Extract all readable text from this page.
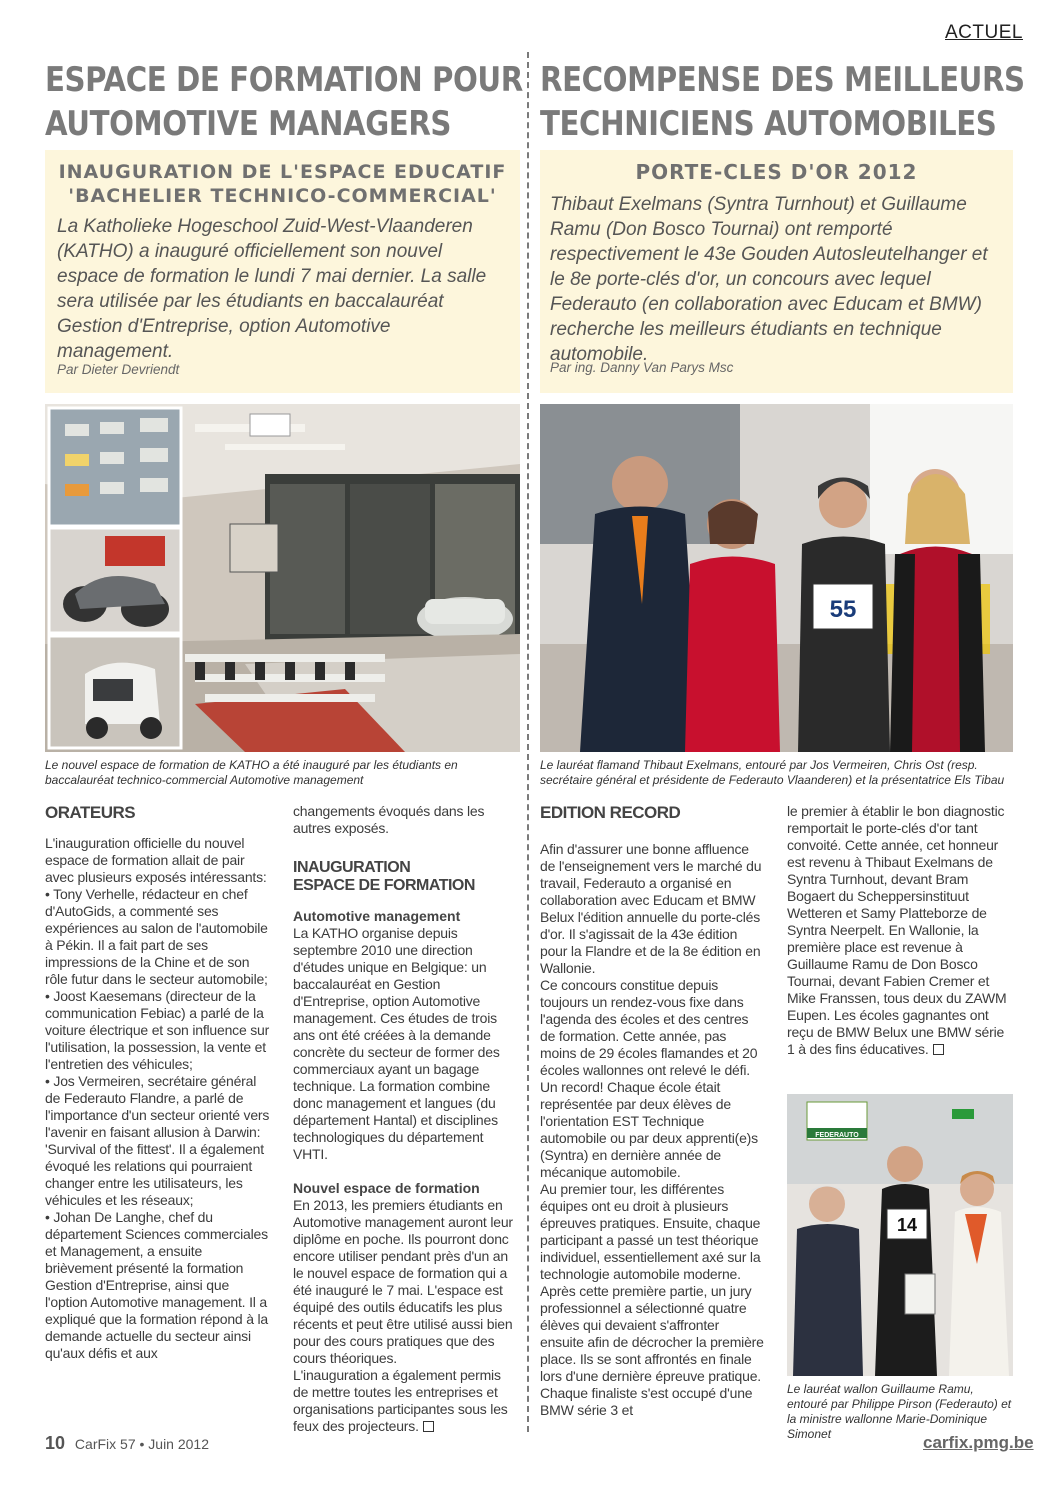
ACTUEL
ESPACE DE FORMATION POUR
AUTOMOTIVE MANAGERS
RECOMPENSE DES MEILLEURS
TECHNICIENS AUTOMOBILES
INAUGURATION DE L'ESPACE EDUCATIF
'BACHELIER TECHNICO-COMMERCIAL'
La Katholieke Hogeschool Zuid-West-Vlaanderen (KATHO) a inauguré officiellement son nouvel espace de formation le lundi 7 mai dernier. La salle sera utilisée par les étudiants en baccalauréat Gestion d'Entreprise, option Automotive management.
Par Dieter Devriendt
PORTE-CLES D'OR 2012
Thibaut Exelmans (Syntra Turnhout) et Guillaume Ramu (Don Bosco Tournai) ont remporté respectivement le 43e Gouden Autosleutelhanger et le 8e porte-clés d'or, un concours avec lequel Federauto (en collaboration avec Educam et BMW) recherche les meilleurs étudiants en technique automobile.
Par ing. Danny Van Parys Msc
Le nouvel espace de formation de KATHO a été inauguré par les étudiants en baccalauréat technico-commercial Automotive management
55
Le lauréat flamand Thibaut Exelmans, entouré par Jos Vermeiren, Chris Ost (resp. secrétaire général et présidente de Federauto Vlaanderen) et la présentatrice Els Tibau
ORATEURS
L'inauguration officielle du nouvel espace de formation allait de pair avec plusieurs exposés intéressants:
• Tony Verhelle, rédacteur en chef d'AutoGids, a commenté ses expériences au salon de l'automobile à Pékin. Il a fait part de ses impressions de la Chine et de son rôle futur dans le secteur automobile;
• Joost Kaesemans (directeur de la communication Febiac) a parlé de la voiture électrique et son influence sur l'utilisation, la possession, la vente et l'entretien des véhicules;
• Jos Vermeiren, secrétaire général de Federauto Flandre, a parlé de l'importance d'un secteur orienté vers l'avenir en faisant allusion à Darwin: 'Survival of the fittest'. Il a également évoqué les relations qui pourraient changer entre les utilisateurs, les véhicules et les réseaux;
• Johan De Langhe, chef du département Sciences commerciales et Management, a ensuite brièvement présenté la formation Gestion d'Entreprise, ainsi que l'option Automotive management. Il a expliqué que la formation répond à la demande actuelle du secteur ainsi qu'aux défis et aux
changements évoqués dans les autres exposés.
INAUGURATION
ESPACE DE FORMATION
Automotive management
La KATHO organise depuis septembre 2010 une direction d'études unique en Belgique: un baccalauréat en Gestion d'Entreprise, option Automotive management. Ces études de trois ans ont été créées à la demande concrète du secteur de former des commerciaux ayant un bagage technique. La formation combine donc management et langues (du département Hantal) et disciplines technologiques du département VHTI.
Nouvel espace de formation
En 2013, les premiers étudiants en Automotive management auront leur diplôme en poche. Ils pourront donc encore utiliser pendant près d'un an le nouvel espace de formation qui a été inauguré le 7 mai. L'espace est équipé des outils éducatifs les plus récents et peut être utilisé aussi bien pour des cours pratiques que des cours théoriques.
L'inauguration a également permis de mettre toutes les entreprises et organisations participantes sous les feux des projecteurs.
EDITION RECORD
Afin d'assurer une bonne affluence de l'enseignement vers le marché du travail, Federauto a organisé en collaboration avec Educam et BMW Belux l'édition annuelle du porte-clés d'or. Il s'agissait de la 43e édition pour la Flandre et de la 8e édition en Wallonie.
Ce concours constitue depuis toujours un rendez-vous fixe dans l'agenda des écoles et des centres de formation. Cette année, pas moins de 29 écoles flamandes et 20 écoles wallonnes ont relevé le défi. Un record! Chaque école était représentée par deux élèves de l'orientation EST Technique automobile ou par deux apprenti(e)s (Syntra) en dernière année de mécanique automobile.
Au premier tour, les différentes équipes ont eu droit à plusieurs épreuves pratiques. Ensuite, chaque participant a passé un test théorique individuel, essentiellement axé sur la technologie automobile moderne. Après cette première partie, un jury professionnel a sélectionné quatre élèves qui devaient s'affronter ensuite afin de décrocher la première place. Ils se sont affrontés en finale lors d'une dernière épreuve pratique. Chaque finaliste s'est occupé d'une BMW série 3 et
le premier à établir le bon diagnostic remportait le porte-clés d'or tant convoité. Cette année, cet honneur est revenu à Thibaut Exelmans de Syntra Turnhout, devant Bram Bogaert du Scheppersinstituut Wetteren et Samy Platteborze de Syntra Neerpelt. En Wallonie, la première place est revenue à Guillaume Ramu de Don Bosco Tournai, devant Fabien Cremer et Mike Franssen, tous deux du ZAWM Eupen. Les écoles gagnantes ont reçu de BMW Belux une BMW série 1 à des fins éducatives.
FEDERAUTO
14
Le lauréat wallon Guillaume Ramu, entouré par Philippe Pirson (Federauto) et la ministre wallonne Marie-Dominique Simonet
10 CarFix 57 • Juin 2012	carfix.pmg.be
